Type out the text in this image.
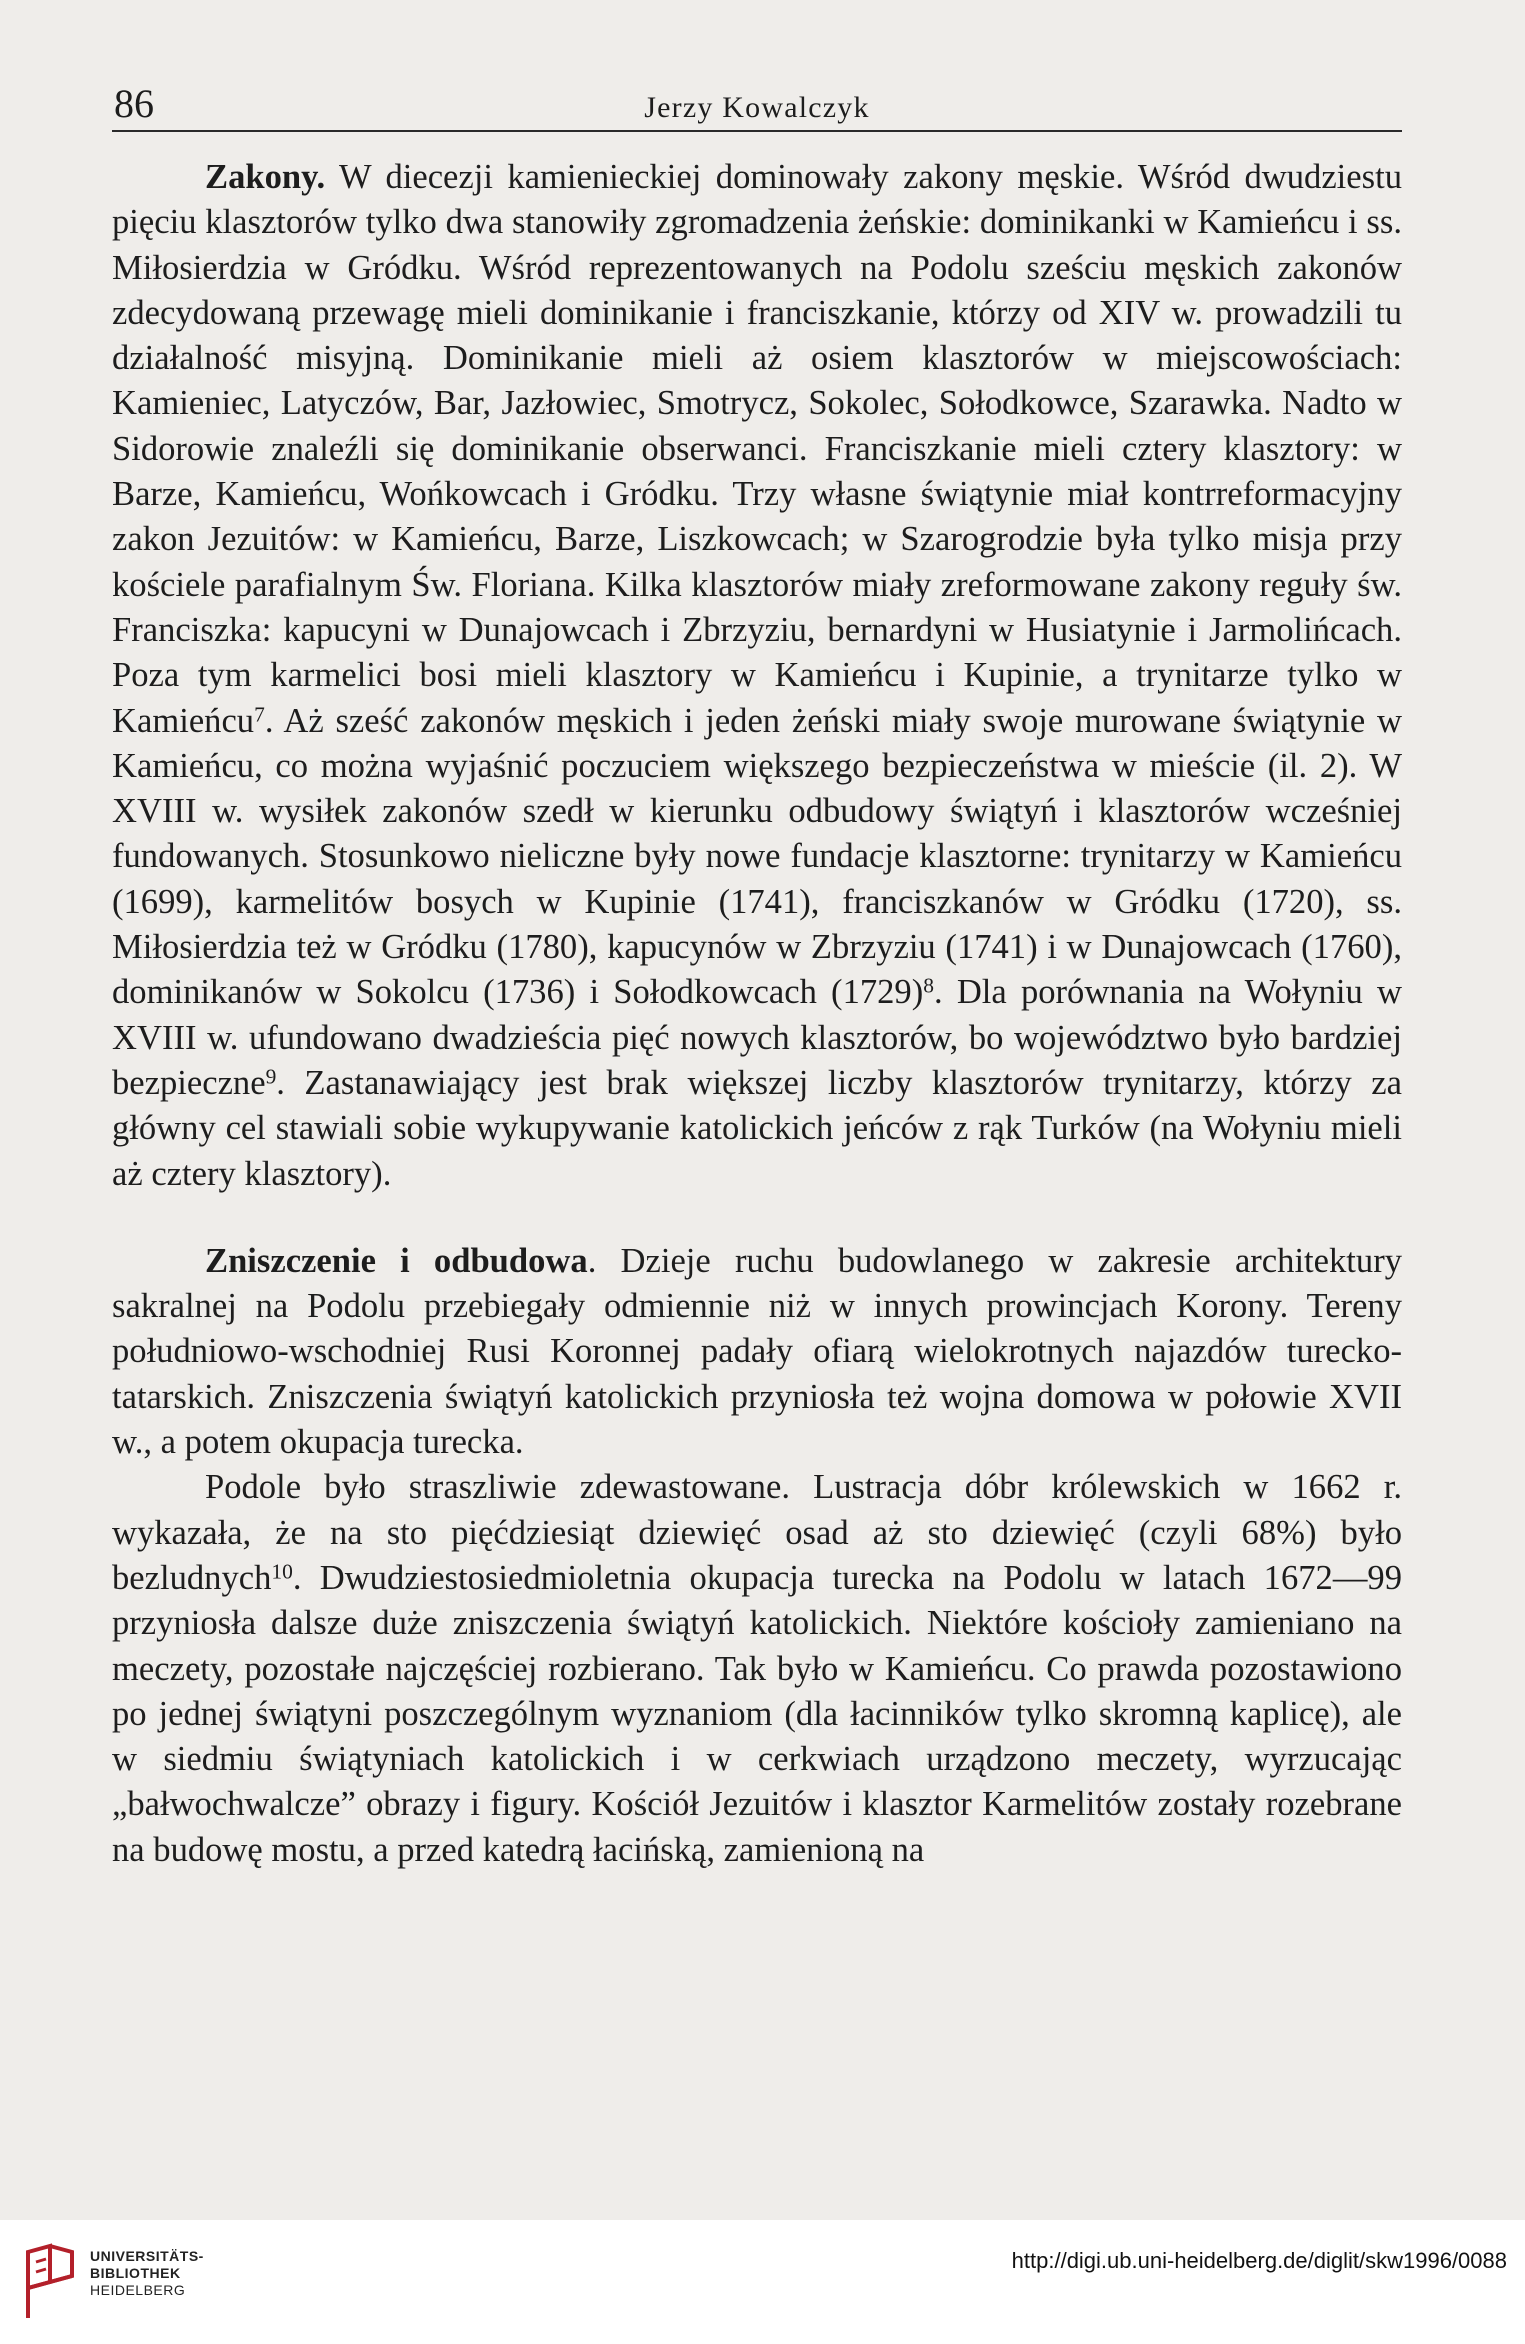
86	Jerzy Kowalczyk

Zakony. W diecezji kamienieckiej dominowały zakony męskie. Wśród dwudziestu pięciu klasztorów tylko dwa stanowiły zgromadzenia żeńskie: dominikanki w Kamieńcu i ss. Miłosierdzia w Gródku. Wśród reprezentowanych na Podolu sześciu męskich zakonów zdecydowaną przewagę mieli dominikanie i franciszkanie, którzy od XIV w. prowadzili tu działalność misyjną. Dominikanie mieli aż osiem klasztorów w miejscowościach: Kamieniec, Latyczów, Bar, Jazłowiec, Smotrycz, Sokolec, Sołodkowce, Szarawka. Nadto w Sidorowie znaleźli się dominikanie obserwanci. Franciszkanie mieli cztery klasztory: w Barze, Kamieńcu, Wońkowcach i Gródku. Trzy własne świątynie miał kontrreformacyjny zakon Jezuitów: w Kamieńcu, Barze, Liszkowcach; w Szarogrodzie była tylko misja przy kościele parafialnym Św. Floriana. Kilka klasztorów miały zreformowane zakony reguły św. Franciszka: kapucyni w Dunajowcach i Zbrzyziu, bernardyni w Husiatynie i Jarmolińcach. Poza tym karmelici bosi mieli klasztory w Kamieńcu i Kupinie, a trynitarze tylko w Kamieńcu$^7$. Aż sześć zakonów męskich i jeden żeński miały swoje murowane świątynie w Kamieńcu, co można wyjaśnić poczuciem większego bezpieczeństwa w mieście (il. 2). W XVIII w. wysiłek zakonów szedł w kierunku odbudowy świątyń i klasztorów wcześniej fundowanych. Stosunkowo nieliczne były nowe fundacje klasztorne: trynitarzy w Kamieńcu (1699), karmelitów bosych w Kupinie (1741), franciszkanów w Gródku (1720), ss. Miłosierdzia też w Gródku (1780), kapucynów w Zbrzyziu (1741) i w Dunajowcach (1760), dominikanów w Sokolcu (1736) i Sołodkowcach $(1729)^8$. Dla porównania na Wołyniu w XVIII w. ufundowano dwadzieścia pięć nowych klasztorów, bo województwo było bardziej bezpieczne$^9$. Zastanawiający jest brak większej liczby klasztorów trynitarzy, którzy za główny cel stawiali sobie wykupywanie katolickich jeńców z rąk Turków (na Wołyniu mieli aż cztery klasztory).

Zniszczenie i odbudowa. Dzieje ruchu budowlanego w zakresie architektury sakralnej na Podolu przebiegały odmiennie niż w innych prowincjach Korony. Tereny południowo-wschodniej Rusi Koronnej padały ofiarą wielokrotnych najazdów turecko-tatarskich. Zniszczenia świątyń katolickich przyniosła też wojna domowa w połowie XVII w., a potem okupacja turecka.

Podole było straszliwie zdewastowane. Lustracja dóbr królewskich w 1662 r. wykazała, że na sto pięćdziesiąt dziewięć osad aż sto dziewięć (czyli 68%) było bezludnych$^{10}$. Dwudziestosiedmioletnia okupacja turecka na Podolu w latach 1672—99 przyniosła dalsze duże zniszczenia świątyń katolickich. Niektóre kościoły zamieniano na meczety, pozostałe najczęściej rozbierano. Tak było w Kamieńcu. Co prawda pozostawiono po jednej świątyni poszczególnym wyznaniom (dla łacinników tylko skromną kaplicę), ale w siedmiu świątyniach katolickich i w cerkwiach urządzono meczety, wyrzucając „bałwochwalcze” obrazy i figury. Kościół Jezuitów i klasztor Karmelitów zostały rozebrane na budowę mostu, a przed katedrą łacińską, zamienioną na

UNIVERSITÄTS-
BIBLIOTHEK
HEIDELBERG
http://digi.ub.uni-heidelberg.de/diglit/skw1996/0088
